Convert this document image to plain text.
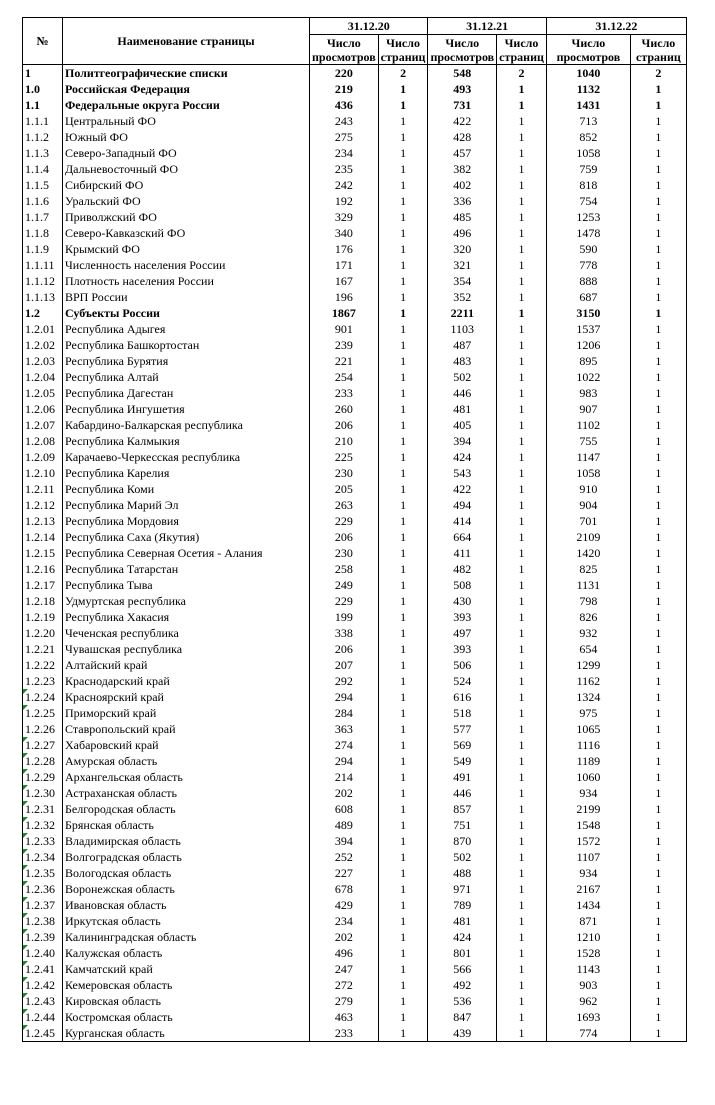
№	Наименование страницы	31.12.20		31.12.21		31.12.22	
		Число просмотров	Число страниц	Число просмотров	Число страниц	Число просмотров	Число страниц
1	Политгеографические списки	220	2	548	2	1040	2
1.0	Российская Федерация	219	1	493	1	1132	1
1.1	Федеральные округа России	436	1	731	1	1431	1
1.1.1	Центральный ФО	243	1	422	1	713	1
1.1.2	Южный ФО	275	1	428	1	852	1
1.1.3	Северо-Западный ФО	234	1	457	1	1058	1
1.1.4	Дальневосточный ФО	235	1	382	1	759	1
1.1.5	Сибирский ФО	242	1	402	1	818	1
1.1.6	Уральский ФО	192	1	336	1	754	1
1.1.7	Приволжский ФО	329	1	485	1	1253	1
1.1.8	Северо-Кавказский ФО	340	1	496	1	1478	1
1.1.9	Крымский ФО	176	1	320	1	590	1
1.1.11	Численность населения России	171	1	321	1	778	1
1.1.12	Плотность населения России	167	1	354	1	888	1
1.1.13	ВРП России	196	1	352	1	687	1
1.2	Субъекты России	1867	1	2211	1	3150	1
1.2.01	Республика Адыгея	901	1	1103	1	1537	1
1.2.02	Республика Башкортостан	239	1	487	1	1206	1
1.2.03	Республика Бурятия	221	1	483	1	895	1
1.2.04	Республика Алтай	254	1	502	1	1022	1
1.2.05	Республика Дагестан	233	1	446	1	983	1
1.2.06	Республика Ингушетия	260	1	481	1	907	1
1.2.07	Кабардино-Балкарская республика	206	1	405	1	1102	1
1.2.08	Республика Калмыкия	210	1	394	1	755	1
1.2.09	Карачаево-Черкесская республика	225	1	424	1	1147	1
1.2.10	Республика Карелия	230	1	543	1	1058	1
1.2.11	Республика Коми	205	1	422	1	910	1
1.2.12	Республика Марий Эл	263	1	494	1	904	1
1.2.13	Республика Мордовия	229	1	414	1	701	1
1.2.14	Республика Саха (Якутия)	206	1	664	1	2109	1
1.2.15	Республика Северная Осетия - Алания	230	1	411	1	1420	1
1.2.16	Республика Татарстан	258	1	482	1	825	1
1.2.17	Республика Тыва	249	1	508	1	1131	1
1.2.18	Удмуртская республика	229	1	430	1	798	1
1.2.19	Республика Хакасия	199	1	393	1	826	1
1.2.20	Чеченская республика	338	1	497	1	932	1
1.2.21	Чувашская республика	206	1	393	1	654	1
1.2.22	Алтайский край	207	1	506	1	1299	1
1.2.23	Краснодарский край	292	1	524	1	1162	1

1.2.24	Красноярский край	294	1	616	1	1324	1

1.2.25	Приморский край	284	1	518	1	975	1
1.2.26	Ставропольский край	363	1	577	1	1065	1

1.2.27	Хабаровский край	274	1	569	1	1116	1

1.2.28	Амурская область	294	1	549	1	1189	1

1.2.29	Архангельская область	214	1	491	1	1060	1

1.2.30	Астраханская область	202	1	446	1	934	1

1.2.31	Белгородская область	608	1	857	1	2199	1

1.2.32	Брянская область	489	1	751	1	1548	1

1.2.33	Владимирская область	394	1	870	1	1572	1

1.2.34	Волгоградская область	252	1	502	1	1107	1

1.2.35	Вологодская область	227	1	488	1	934	1

1.2.36	Воронежская область	678	1	971	1	2167	1

1.2.37	Ивановская область	429	1	789	1	1434	1

1.2.38	Иркутская область	234	1	481	1	871	1

1.2.39	Калининградская область	202	1	424	1	1210	1

1.2.40	Калужская область	496	1	801	1	1528	1

1.2.41	Камчатский край	247	1	566	1	1143	1

1.2.42	Кемеровская область	272	1	492	1	903	1

1.2.43	Кировская область	279	1	536	1	962	1

1.2.44	Костромская область	463	1	847	1	1693	1

1.2.45	Курганская область	233	1	439	1	774	1
